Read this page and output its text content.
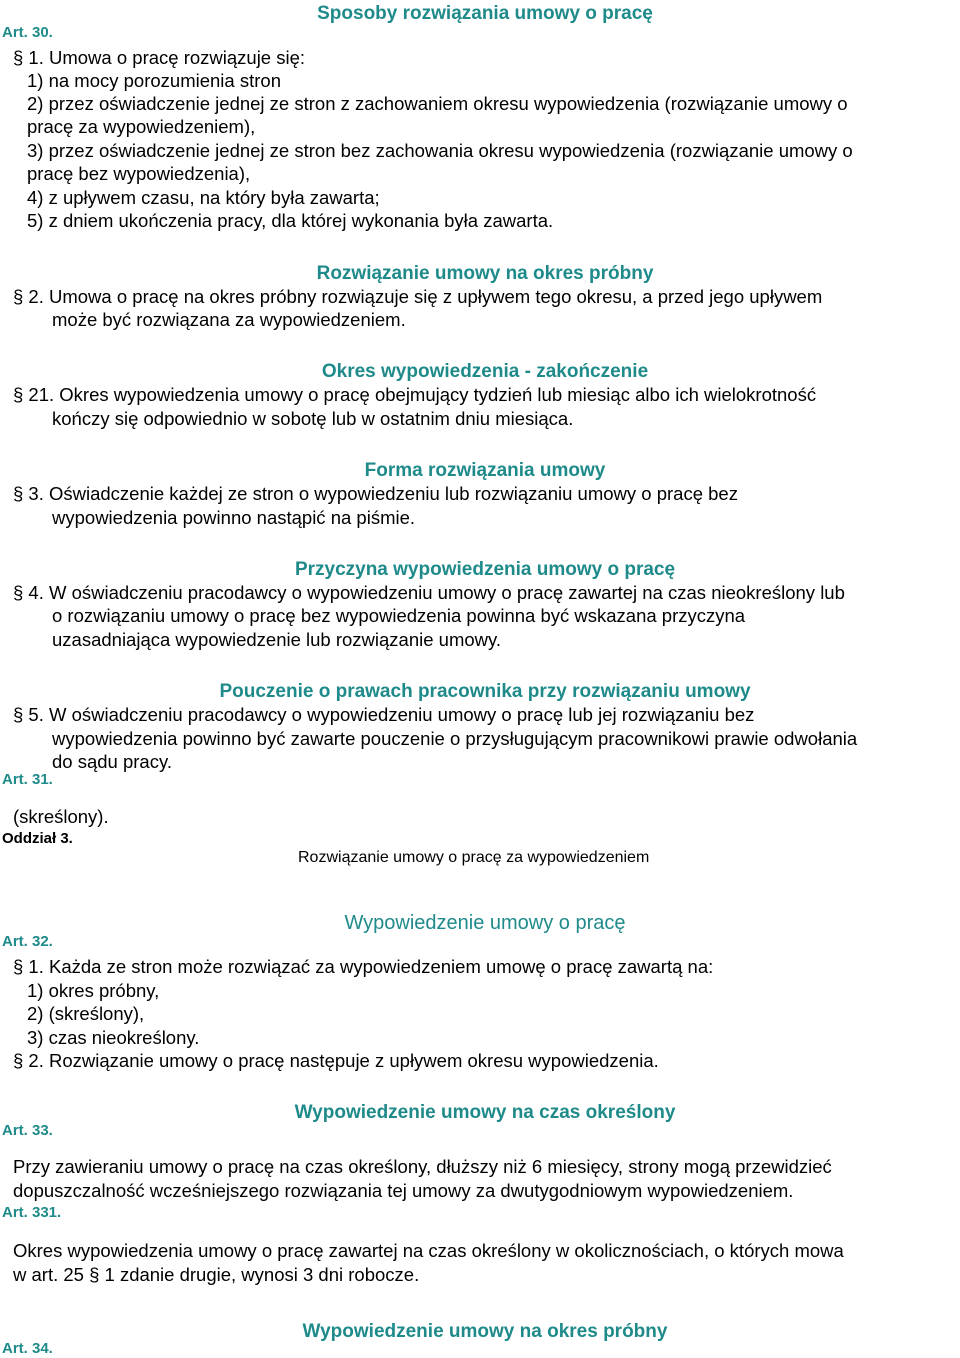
Sposoby rozwiązania umowy o pracę
Art. 30.
§ 1. Umowa o pracę rozwiązuje się:
1) na mocy porozumienia stron
2) przez oświadczenie jednej ze stron z zachowaniem okresu wypowiedzenia (rozwiązanie umowy o
pracę za wypowiedzeniem),
3) przez oświadczenie jednej ze stron bez zachowania okresu wypowiedzenia (rozwiązanie umowy o
pracę bez wypowiedzenia),
4) z upływem czasu, na który była zawarta;
5) z dniem ukończenia pracy, dla której wykonania była zawarta.
Rozwiązanie umowy na okres próbny
§ 2. Umowa o pracę na okres próbny rozwiązuje się z upływem tego okresu, a przed jego upływem
może być rozwiązana za wypowiedzeniem.
Okres wypowiedzenia - zakończenie
§ 21. Okres wypowiedzenia umowy o pracę obejmujący tydzień lub miesiąc albo ich wielokrotność
kończy się odpowiednio w sobotę lub w ostatnim dniu miesiąca.
Forma rozwiązania umowy
§ 3. Oświadczenie każdej ze stron o wypowiedzeniu lub rozwiązaniu umowy o pracę bez
wypowiedzenia powinno nastąpić na piśmie.
Przyczyna wypowiedzenia umowy o pracę
§ 4. W oświadczeniu pracodawcy o wypowiedzeniu umowy o pracę zawartej na czas nieokreślony lub
o rozwiązaniu umowy o pracę bez wypowiedzenia powinna być wskazana przyczyna
uzasadniająca wypowiedzenie lub rozwiązanie umowy.
Pouczenie o prawach pracownika przy rozwiązaniu umowy
§ 5. W oświadczeniu pracodawcy o wypowiedzeniu umowy o pracę lub jej rozwiązaniu bez
wypowiedzenia powinno być zawarte pouczenie o przysługującym pracownikowi prawie odwołania
do sądu pracy.
Art. 31.
(skreślony).
Oddział 3.
Rozwiązanie umowy o pracę za wypowiedzeniem
Wypowiedzenie umowy o pracę
Art. 32.
§ 1. Każda ze stron może rozwiązać za wypowiedzeniem umowę o pracę zawartą na:
1) okres próbny,
2) (skreślony),
3) czas nieokreślony.
§ 2. Rozwiązanie umowy o pracę następuje z upływem okresu wypowiedzenia.
Wypowiedzenie umowy na czas określony
Art. 33.
Przy zawieraniu umowy o pracę na czas określony, dłuższy niż 6 miesięcy, strony mogą przewidzieć
dopuszczalność wcześniejszego rozwiązania tej umowy za dwutygodniowym wypowiedzeniem.
Art. 331.
Okres wypowiedzenia umowy o pracę zawartej na czas określony w okolicznościach, o których mowa
w art. 25 § 1 zdanie drugie, wynosi 3 dni robocze.
Wypowiedzenie umowy na okres próbny
Art. 34.
